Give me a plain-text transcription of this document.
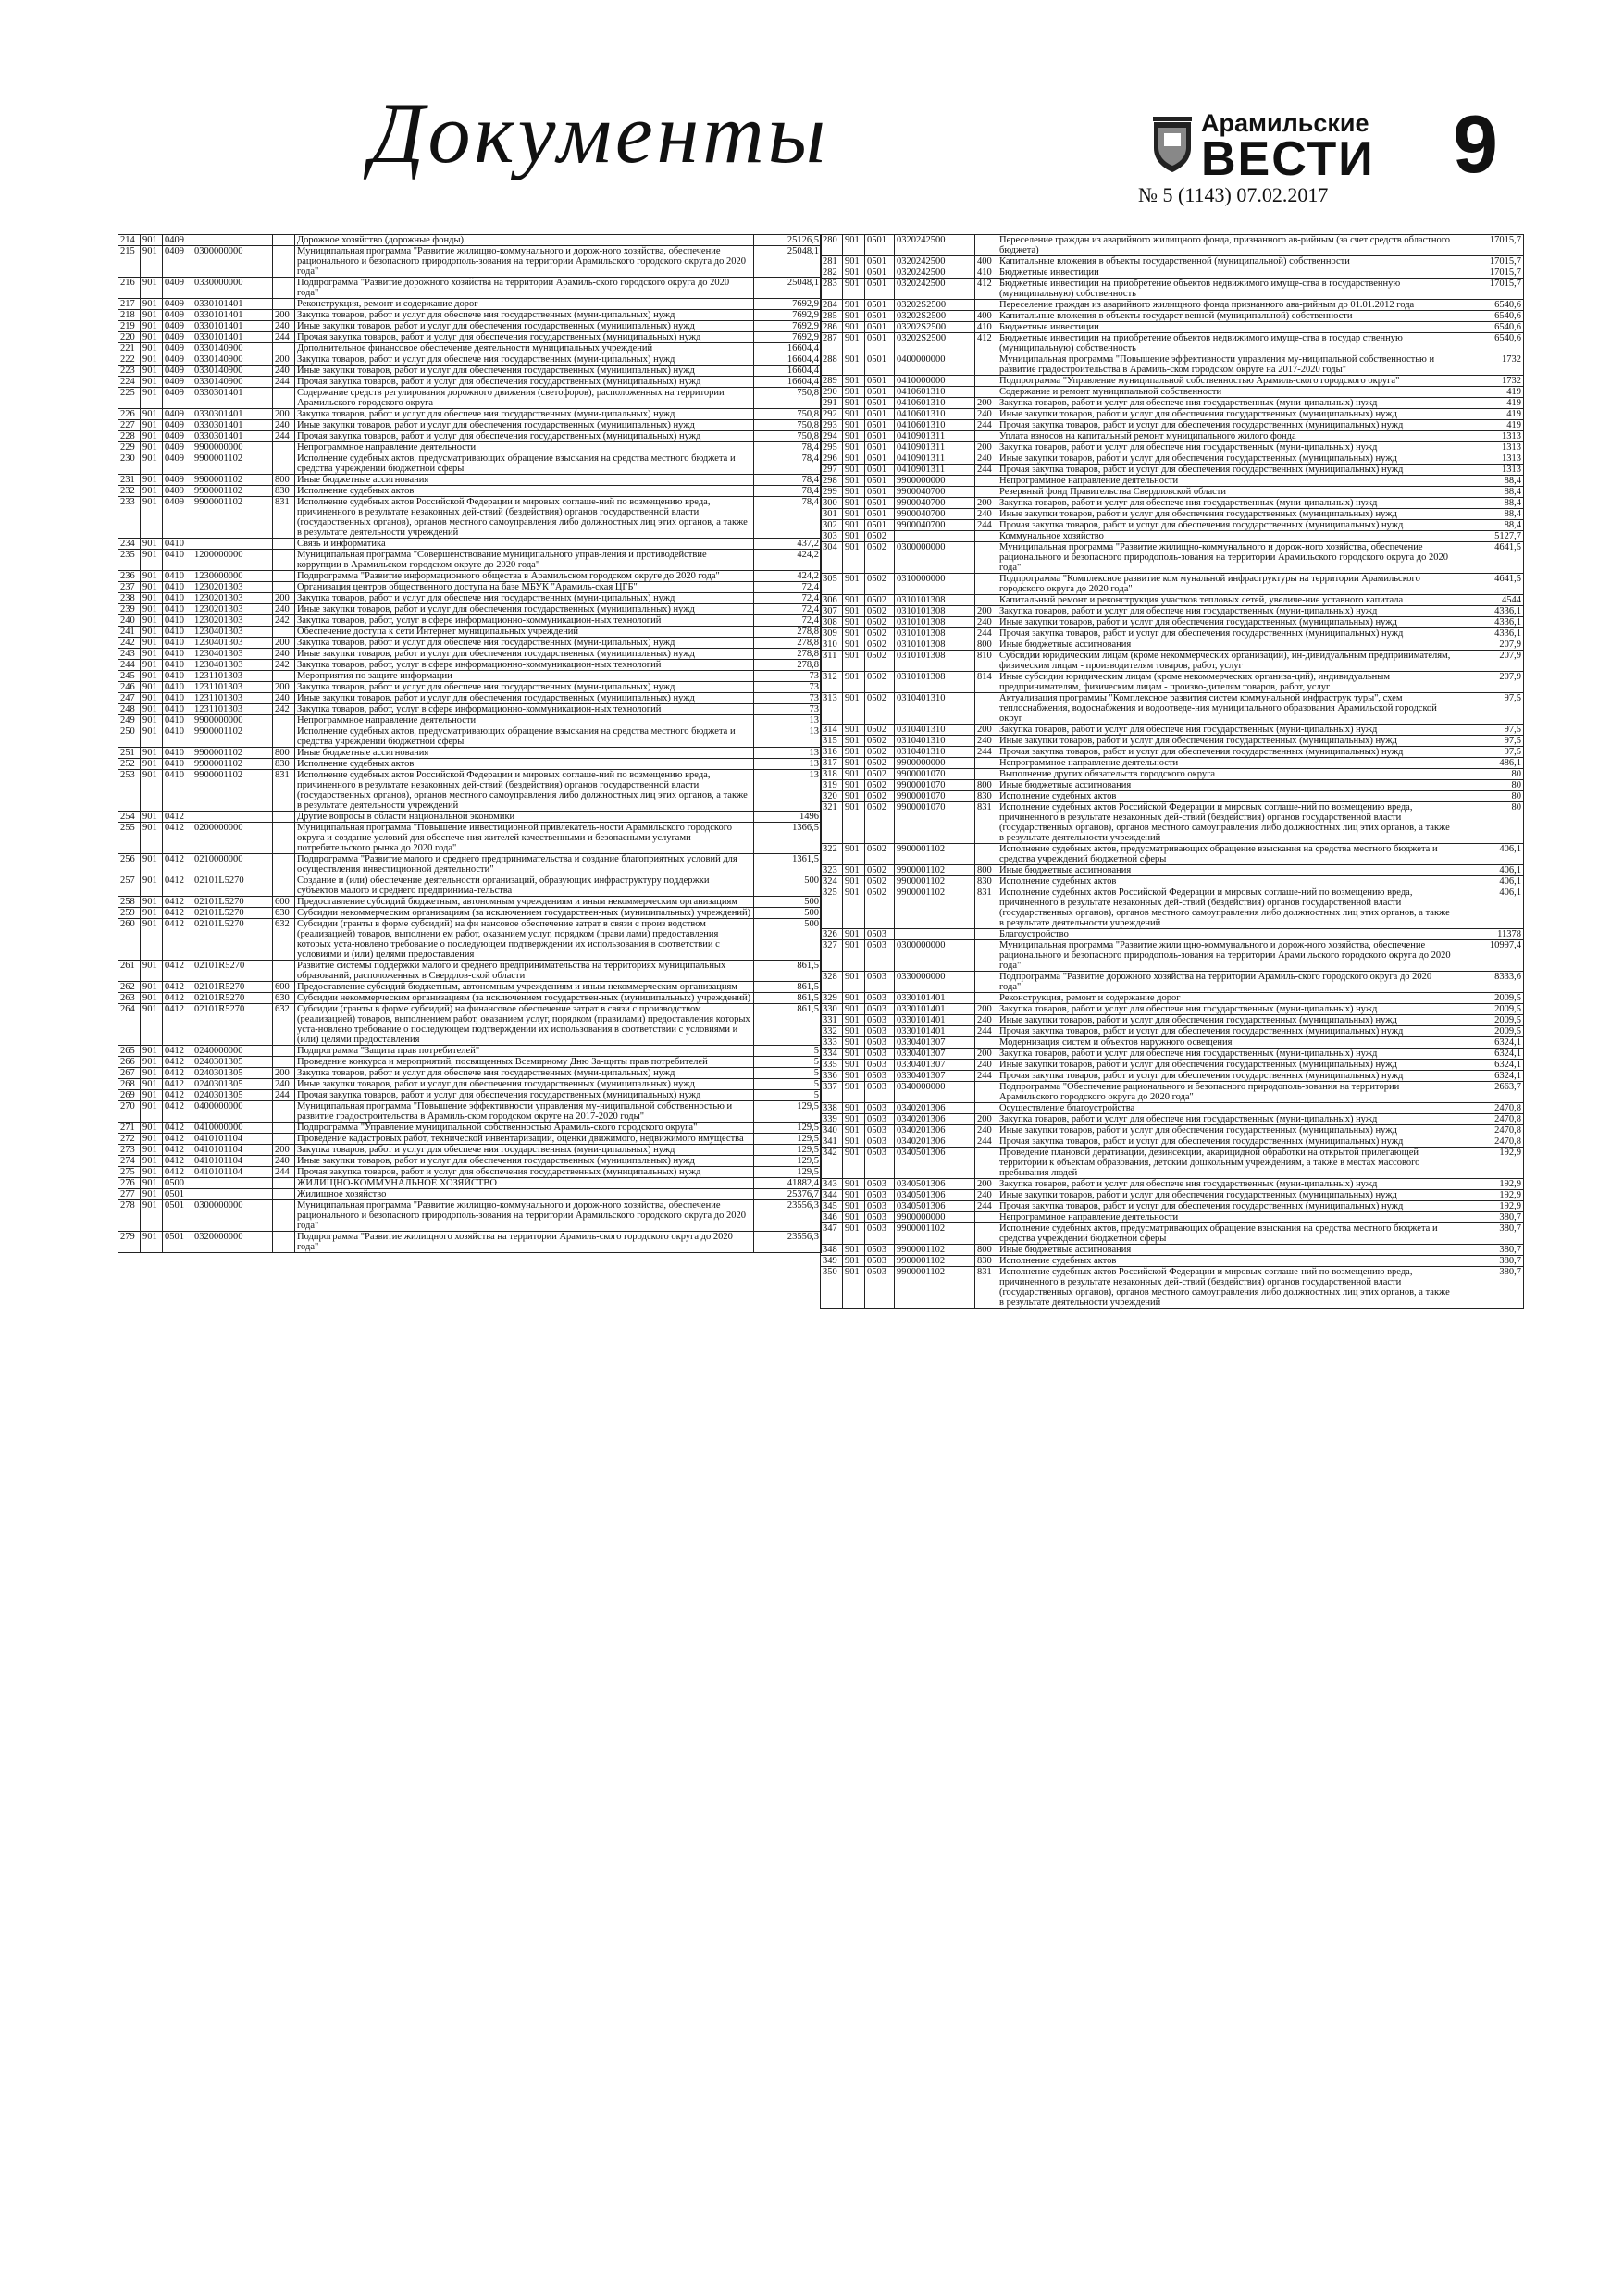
Документы	Арамильские
ВЕСТИ
№ 5 (1143) 07.02.2017
9
214	901	0409			Дорожное хозяйство (дорожные фонды)	25126,5
215	901	0409	0300000000		Муниципальная программа "Развитие жилищно-коммунального и дорож-ного хозяйства, обеспечение рационального и безопасного природополь-зования на территории Арамильского городского округа до 2020 года"	25048,1
216	901	0409	0330000000		Подпрограмма "Развитие дорожного хозяйства на территории Арамиль-ского городского округа до 2020 года"	25048,1
217	901	0409	0330101401		Реконструкция, ремонт и содержание дорог	7692,9
218	901	0409	0330101401	200	Закупка товаров, работ и услуг для обеспече ния государственных (муни-ципальных) нужд	7692,9
219	901	0409	0330101401	240	Иные закупки товаров, работ и услуг для обеспечения государственных (муниципальных) нужд	7692,9
220	901	0409	0330101401	244	Прочая закупка товаров, работ и услуг для обеспечения государственных (муниципальных) нужд	7692,9
221	901	0409	0330140900		Дополнительное финансовое обеспечение деятельности муниципальных учреждений	16604,4
222	901	0409	0330140900	200	Закупка товаров, работ и услуг для обеспече ния государственных (муни-ципальных) нужд	16604,4
223	901	0409	0330140900	240	Иные закупки товаров, работ и услуг для обеспечения государственных (муниципальных) нужд	16604,4
224	901	0409	0330140900	244	Прочая закупка товаров, работ и услуг для обеспечения государственных (муниципальных) нужд	16604,4
225	901	0409	0330301401		Содержание средств регулирования дорожного движения (светофоров), расположенных на территории Арамильского городского округа	750,8
226	901	0409	0330301401	200	Закупка товаров, работ и услуг для обеспече ния государственных (муни-ципальных) нужд	750,8
227	901	0409	0330301401	240	Иные закупки товаров, работ и услуг для обеспечения государственных (муниципальных) нужд	750,8
228	901	0409	0330301401	244	Прочая закупка товаров, работ и услуг для обеспечения государственных (муниципальных) нужд	750,8
229	901	0409	9900000000		Непрограммное направление деятельности	78,4
230	901	0409	9900001102		Исполнение судебных актов, предусматривающих обращение взыскания на средства местного бюджета и средства учреждений бюджетной сферы	78,4
231	901	0409	9900001102	800	Иные бюджетные ассигнования	78,4
232	901	0409	9900001102	830	Исполнение судебных актов	78,4
233	901	0409	9900001102	831	Исполнение судебных актов Российской Федерации и мировых соглаше-ний по возмещению вреда, причиненного в результате незаконных дей-ствий (бездействия) органов государственной власти (государственных органов), органов местного самоуправления либо должностных лиц этих органов, а также в результате деятельности учреждений	78,4
234	901	0410			Связь и информатика	437,2
235	901	0410	1200000000		Муниципальная программа "Совершенствование муниципального управ-ления и противодействие коррупции в Арамильском городском округе до 2020 года"	424,2
236	901	0410	1230000000		Подпрограмма "Развитие информационного общества в Арамильском городском округе до 2020 года"	424,2
237	901	0410	1230201303		Организация центров общественного доступа на базе МБУК "Арамиль-ская ЦГБ"	72,4
238	901	0410	1230201303	200	Закупка товаров, работ и услуг для обеспече ния государственных (муни-ципальных) нужд	72,4
239	901	0410	1230201303	240	Иные закупки товаров, работ и услуг для обеспечения государственных (муниципальных) нужд	72,4
240	901	0410	1230201303	242	Закупка товаров, работ, услуг в сфере информационно-коммуникацион-ных технологий	72,4
241	901	0410	1230401303		Обеспечение доступа к сети Интернет муниципальных учреждений	278,8
242	901	0410	1230401303	200	Закупка товаров, работ и услуг для обеспече ния государственных (муни-ципальных) нужд	278,8
243	901	0410	1230401303	240	Иные закупки товаров, работ и услуг для обеспечения государственных (муниципальных) нужд	278,8
244	901	0410	1230401303	242	Закупка товаров, работ, услуг в сфере информационно-коммуникацион-ных технологий	278,8
245	901	0410	1231101303		Мероприятия по защите информации	73
246	901	0410	1231101303	200	Закупка товаров, работ и услуг для обеспече ния государственных (муни-ципальных) нужд	73
247	901	0410	1231101303	240	Иные закупки товаров, работ и услуг для обеспечения государственных (муниципальных) нужд	73
248	901	0410	1231101303	242	Закупка товаров, работ, услуг в сфере информационно-коммуникацион-ных технологий	73
249	901	0410	9900000000		Непрограммное направление деятельности	13
250	901	0410	9900001102		Исполнение судебных актов, предусматривающих обращение взыскания на средства местного бюджета и средства учреждений бюджетной сферы	13
251	901	0410	9900001102	800	Иные бюджетные ассигнования	13
252	901	0410	9900001102	830	Исполнение судебных актов	13
253	901	0410	9900001102	831	Исполнение судебных актов Российской Федерации и мировых соглаше-ний по возмещению вреда, причиненного в результате незаконных дей-ствий (бездействия) органов государственной власти (государственных органов), органов местного самоуправления либо должностных лиц этих органов, а также в результате деятельности учреждений	13
254	901	0412			Другие вопросы в области национальной экономики	1496
255	901	0412	0200000000		Муниципальная программа "Повышение инвестиционной привлекатель-ности Арамильского городского округа и создание условий для обеспече-ния жителей качественными и безопасными услугами потребительского рынка до 2020 года"	1366,5
256	901	0412	0210000000		Подпрограмма "Развитие малого и среднего предпринимательства и создание благоприятных условий для осуществления инвестиционной деятельности"	1361,5
257	901	0412	02101L5270		Создание и (или) обеспечение деятельности организаций, образующих инфраструктуру поддержки субъектов малого и среднего предпринима-тельства	500
258	901	0412	02101L5270	600	Предоставление субсидий бюджетным, автономным учреждениям и иным некоммерческим организациям	500
259	901	0412	02101L5270	630	Субсидии некоммерческим организациям (за исключением государствен-ных (муниципальных) учреждений)	500
260	901	0412	02101L5270	632	Субсидии (гранты в форме субсидий) на фи нансовое обеспечение затрат в связи с произ водством (реализацией) товаров, выполнени ем работ, оказанием услуг, порядком (прави лами) предоставления которых уста-новлено требование о последующем подтверждении их использования в соответствии с условиями и (или) целями предоставления	500
261	901	0412	02101R5270		Развитие системы поддержки малого и среднего предпринимательства на территориях муниципальных образований, расположенных в Свердлов-ской области	861,5
262	901	0412	02101R5270	600	Предоставление субсидий бюджетным, автономным учреждениям и иным некоммерческим организациям	861,5
263	901	0412	02101R5270	630	Субсидии некоммерческим организациям (за исключением государствен-ных (муниципальных) учреждений)	861,5
264	901	0412	02101R5270	632	Субсидии (гранты в форме субсидий) на финансовое обеспечение затрат в связи с производством (реализацией) товаров, выполнением работ, оказанием услуг, порядком (правилами) предоставления которых уста-новлено требование о последующем подтверждении их использования в соответствии с условиями и (или) целями предоставления	861,5
265	901	0412	0240000000		Подпрограмма "Защита прав потребителей"	5
266	901	0412	0240301305		Проведение конкурса и мероприятий, посвященных Всемирному Дню За-щиты прав потребителей	5
267	901	0412	0240301305	200	Закупка товаров, работ и услуг для обеспече ния государственных (муни-ципальных) нужд	5
268	901	0412	0240301305	240	Иные закупки товаров, работ и услуг для обеспечения государственных (муниципальных) нужд	5
269	901	0412	0240301305	244	Прочая закупка товаров, работ и услуг для обеспечения государственных (муниципальных) нужд	5
270	901	0412	0400000000		Муниципальная программа "Повышение эффективности управления му-ниципальной собственностью и развитие градостроительства в Арамиль-ском городском округе на 2017-2020 годы"	129,5
271	901	0412	0410000000		Подпрограмма "Управление муниципальной собственностью Арамиль-ского городского округа"	129,5
272	901	0412	0410101104		Проведение кадастровых работ, технической инвентаризации, оценки движимого, недвижимого имущества	129,5
273	901	0412	0410101104	200	Закупка товаров, работ и услуг для обеспече ния государственных (муни-ципальных) нужд	129,5
274	901	0412	0410101104	240	Иные закупки товаров, работ и услуг для обеспечения государственных (муниципальных) нужд	129,5
275	901	0412	0410101104	244	Прочая закупка товаров, работ и услуг для обеспечения государственных (муниципальных) нужд	129,5
276	901	0500			ЖИЛИЩНО-КОММУНАЛЬНОЕ ХОЗЯЙСТВО	41882,4
277	901	0501			Жилищное хозяйство	25376,7
278	901	0501	0300000000		Муниципальная программа "Развитие жилищно-коммунального и дорож-ного хозяйства, обеспечение рационального и безопасного природополь-зования на территории Арамильского городского округа до 2020 года"	23556,3
279	901	0501	0320000000		Подпрограмма "Развитие жилищного хозяйства на территории Арамиль-ского городского округа до 2020 года"	23556,3
280	901	0501	0320242500		Переселение граждан из аварийного жилищного фонда, признанного ав-рийным (за счет средств областного бюджета)	17015,7
281	901	0501	0320242500	400	Капитальные вложения в объекты государственной (муниципальной) собственности	17015,7
282	901	0501	0320242500	410	Бюджетные инвестиции	17015,7
283	901	0501	0320242500	412	Бюджетные инвестиции на приобретение объектов недвижимого имуще-ства в государственную (муниципальную) собственность	17015,7
284	901	0501	03202S2500		Переселение граждан из аварийного жилищного фонда признанного ава-рийным до 01.01.2012 года	6540,6
285	901	0501	03202S2500	400	Капитальные вложения в объекты государст венной (муниципальной) собственности	6540,6
286	901	0501	03202S2500	410	Бюджетные инвестиции	6540,6
287	901	0501	03202S2500	412	Бюджетные инвестиции на приобретение объектов недвижимого имуще-ства в государ ственную (муниципальную) собственность	6540,6
288	901	0501	0400000000		Муниципальная программа "Повышение эффективности управления му-ниципальной собственностью и развитие градостроительства в Арамиль-ском городском округе на 2017-2020 годы"	1732
289	901	0501	0410000000		Подпрограмма "Управление муниципальной собственностью Арамиль-ского городского округа"	1732
290	901	0501	0410601310		Содержание и ремонт муниципальной собственности	419
291	901	0501	0410601310	200	Закупка товаров, работ и услуг для обеспече ния государственных (муни-ципальных) нужд	419
292	901	0501	0410601310	240	Иные закупки товаров, работ и услуг для обеспечения государственных (муниципальных) нужд	419
293	901	0501	0410601310	244	Прочая закупка товаров, работ и услуг для обеспечения государственных (муниципальных) нужд	419
294	901	0501	0410901311		Уплата взносов на капитальный ремонт муниципального жилого фонда	1313
295	901	0501	0410901311	200	Закупка товаров, работ и услуг для обеспече ния государственных (муни-ципальных) нужд	1313
296	901	0501	0410901311	240	Иные закупки товаров, работ и услуг для обеспечения государственных (муниципальных) нужд	1313
297	901	0501	0410901311	244	Прочая закупка товаров, работ и услуг для обеспечения государственных (муниципальных) нужд	1313
298	901	0501	9900000000		Непрограммное направление деятельности	88,4
299	901	0501	9900040700		Резервный фонд Правительства Свердловской области	88,4
300	901	0501	9900040700	200	Закупка товаров, работ и услуг для обеспече ния государственных (муни-ципальных) нужд	88,4
301	901	0501	9900040700	240	Иные закупки товаров, работ и услуг для обеспечения государственных (муниципальных) нужд	88,4
302	901	0501	9900040700	244	Прочая закупка товаров, работ и услуг для обеспечения государственных (муниципальных) нужд	88,4
303	901	0502			Коммунальное хозяйство	5127,7
304	901	0502	0300000000		Муниципальная программа "Развитие жилищно-коммунального и дорож-ного хозяйства, обеспечение рационального и безопасного природополь-зования на территории Арамильского городского округа до 2020 года"	4641,5
305	901	0502	0310000000		Подпрограмма "Комплексное развитие ком мунальной инфраструктуры на территории Арамильского городского округа до 2020 года"	4641,5
306	901	0502	0310101308		Капитальный ремонт и реконструкция участков тепловых сетей, увеличе-ние уставного капитала	4544
307	901	0502	0310101308	200	Закупка товаров, работ и услуг для обеспече ния государственных (муни-ципальных) нужд	4336,1
308	901	0502	0310101308	240	Иные закупки товаров, работ и услуг для обеспечения государственных (муниципальных) нужд	4336,1
309	901	0502	0310101308	244	Прочая закупка товаров, работ и услуг для обеспечения государственных (муниципальных) нужд	4336,1
310	901	0502	0310101308	800	Иные бюджетные ассигнования	207,9
311	901	0502	0310101308	810	Субсидии юридическим лицам (кроме некоммерческих организаций), ин-дивидуальным предпринимателям, физическим лицам - производителям товаров, работ, услуг	207,9
312	901	0502	0310101308	814	Иные субсидии юридическим лицам (кроме некоммерческих организа-ций), индивидуальным предпринимателям, физическим лицам - произво-дителям товаров, работ, услуг	207,9
313	901	0502	0310401310		Актуализация программы "Комплексное развития систем коммунальной инфраструк туры", схем теплоснабжения, водоснабжения и водоотведе-ния муниципального образования Арамильской городской округ	97,5
314	901	0502	0310401310	200	Закупка товаров, работ и услуг для обеспече ния государственных (муни-ципальных) нужд	97,5
315	901	0502	0310401310	240	Иные закупки товаров, работ и услуг для обеспечения государственных (муниципальных) нужд	97,5
316	901	0502	0310401310	244	Прочая закупка товаров, работ и услуг для обеспечения государственных (муниципальных) нужд	97,5
317	901	0502	9900000000		Непрограммное направление деятельности	486,1
318	901	0502	9900001070		Выполнение других обязательств городского округа	80
319	901	0502	9900001070	800	Иные бюджетные ассигнования	80
320	901	0502	9900001070	830	Исполнение судебных актов	80
321	901	0502	9900001070	831	Исполнение судебных актов Российской Федерации и мировых соглаше-ний по возмещению вреда, причиненного в результате незаконных дей-ствий (бездействия) органов государственной власти (государственных органов), органов местного самоуправления либо должностных лиц этих органов, а также в результате деятельности учреждений	80
322	901	0502	9900001102		Исполнение судебных актов, предусматривающих обращение взыскания на средства местного бюджета и средства учреждений бюджетной сферы	406,1
323	901	0502	9900001102	800	Иные бюджетные ассигнования	406,1
324	901	0502	9900001102	830	Исполнение судебных актов	406,1
325	901	0502	9900001102	831	Исполнение судебных актов Российской Федерации и мировых соглаше-ний по возмещению вреда, причиненного в результате незаконных дей-ствий (бездействия) органов государственной власти (государственных органов), органов местного самоуправления либо должностных лиц этих органов, а также в результате деятельности учреждений	406,1
326	901	0503			Благоустройство	11378
327	901	0503	0300000000		Муниципальная программа "Развитие жили щно-коммунального и дорож-ного хозяйства, обеспечение рационального и безопасного природополь-зования на территории Арами льского городского округа до 2020 года"	10997,4
328	901	0503	0330000000		Подпрограмма "Развитие дорожного хозяйства на территории Арамиль-ского городского округа до 2020 года"	8333,6
329	901	0503	0330101401		Реконструкция, ремонт и содержание дорог	2009,5
330	901	0503	0330101401	200	Закупка товаров, работ и услуг для обеспече ния государственных (муни-ципальных) нужд	2009,5
331	901	0503	0330101401	240	Иные закупки товаров, работ и услуг для обеспечения государственных (муниципальных) нужд	2009,5
332	901	0503	0330101401	244	Прочая закупка товаров, работ и услуг для обеспечения государственных (муниципальных) нужд	2009,5
333	901	0503	0330401307		Модернизация систем и объектов наружного освещения	6324,1
334	901	0503	0330401307	200	Закупка товаров, работ и услуг для обеспече ния государственных (муни-ципальных) нужд	6324,1
335	901	0503	0330401307	240	Иные закупки товаров, работ и услуг для обеспечения государственных (муниципальных) нужд	6324,1
336	901	0503	0330401307	244	Прочая закупка товаров, работ и услуг для обеспечения государственных (муниципальных) нужд	6324,1
337	901	0503	0340000000		Подпрограмма "Обеспечение рационального и безопасного природополь-зования на территории Арамильского городского округа до 2020 года"	2663,7
338	901	0503	0340201306		Осуществление благоустройства	2470,8
339	901	0503	0340201306	200	Закупка товаров, работ и услуг для обеспече ния государственных (муни-ципальных) нужд	2470,8
340	901	0503	0340201306	240	Иные закупки товаров, работ и услуг для обеспечения государственных (муниципальных) нужд	2470,8
341	901	0503	0340201306	244	Прочая закупка товаров, работ и услуг для обеспечения государственных (муниципальных) нужд	2470,8
342	901	0503	0340501306		Проведение плановой дератизации, дезинсекции, акарицидной обработки на открытой прилегающей территории к объектам образования, детским дошкольным учреждениям, а также в местах массового пребывания людей	192,9
343	901	0503	0340501306	200	Закупка товаров, работ и услуг для обеспече ния государственных (муни-ципальных) нужд	192,9
344	901	0503	0340501306	240	Иные закупки товаров, работ и услуг для обеспечения государственных (муниципальных) нужд	192,9
345	901	0503	0340501306	244	Прочая закупка товаров, работ и услуг для обеспечения государственных (муниципальных) нужд	192,9
346	901	0503	9900000000		Непрограммное направление деятельности	380,7
347	901	0503	9900001102		Исполнение судебных актов, предусматривающих обращение взыскания на средства местного бюджета и средства учреждений бюджетной сферы	380,7
348	901	0503	9900001102	800	Иные бюджетные ассигнования	380,7
349	901	0503	9900001102	830	Исполнение судебных актов	380,7
350	901	0503	9900001102	831	Исполнение судебных актов Российской Федерации и мировых соглаше-ний по возмещению вреда, причиненного в результате незаконных дей-ствий (бездействия) органов государственной власти (государственных органов), органов местного самоуправления либо должностных лиц этих органов, а также в результате деятельности учреждений	380,7
